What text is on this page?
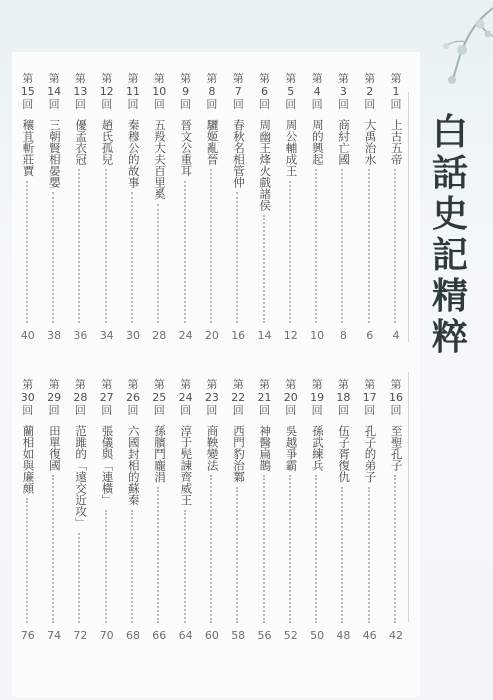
白
話
史
記
精
粹
第
1
回
上古五帝
4
第
2
回
大禹治水
6
第
3
回
商紂亡國
8
第
4
回
周的興起
10
第
5
回
周公輔成王
12
第
6
回
周幽王烽火戲諸侯
14
第
7
回
春秋名相管仲
16
第
8
回
驪姬亂晉
20
第
9
回
晉文公重耳
24
第
10
回
五羖大夫百里奚
28
第
11
回
秦穆公的故事
30
第
12
回
趙氏孤兒
34
第
13
回
優孟衣冠
36
第
14
回
三朝賢相晏嬰
38
第
15
回
穰苴斬莊賈
40
第
16
回
至聖孔子
42
第
17
回
孔子的弟子
46
第
18
回
伍子胥復仇
48
第
19
回
孫武練兵
50
第
20
回
吳越爭霸
52
第
21
回
神醫扁鵲
56
第
22
回
西門豹治鄴
58
第
23
回
商鞅變法
60
第
24
回
淳于髡諫齊威王
64
第
25
回
孫臏鬥龐涓
66
第
26
回
六國封相的蘇秦
68
第
27
回
張儀與「連橫」
70
第
28
回
范雎的「遠交近攻」
72
第
29
回
田單復國
74
第
30
回
藺相如與廉頗
76
